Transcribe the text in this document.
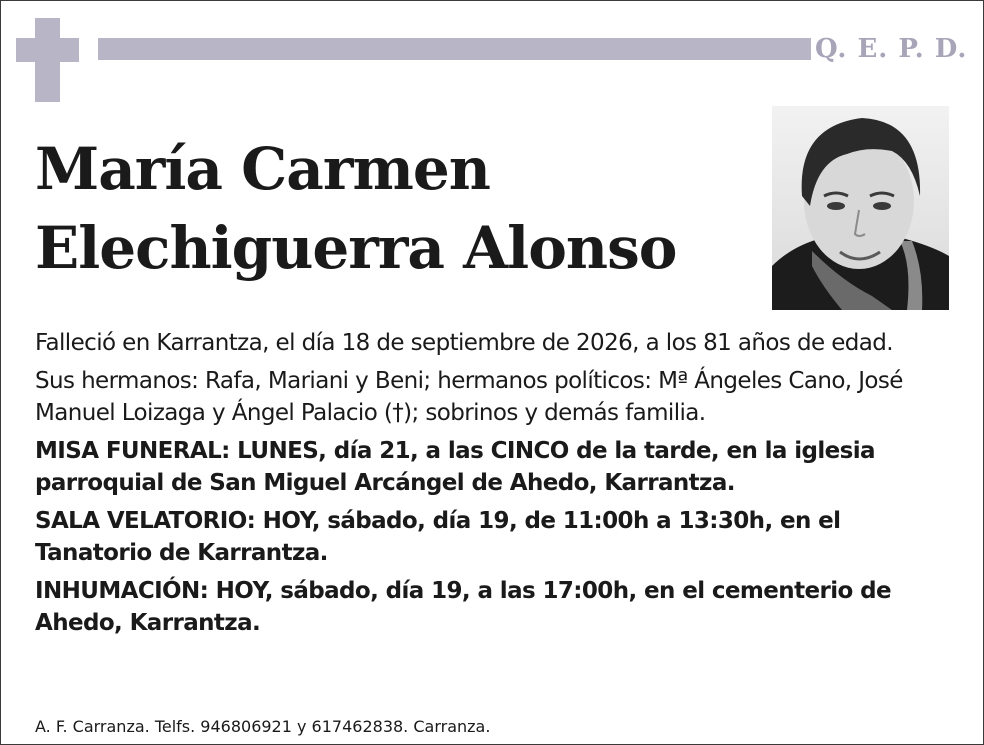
Q. E. P. D.
María Carmen
Elechiguerra Alonso

Falleció en Karrantza, el día 18 de septiembre de 2026, a los 81 años de edad.

Sus hermanos: Rafa, Mariani y Beni; hermanos políticos: Mª Ángeles Cano, José Manuel Loizaga y Ángel Palacio (†); sobrinos y demás familia.

MISA FUNERAL: LUNES, día 21, a las CINCO de la tarde, en la iglesia parroquial de San Miguel Arcángel de Ahedo, Karrantza.

SALA VELATORIO: HOY, sábado, día 19, de 11:00h a 13:30h, en el Tanatorio de Karrantza.

INHUMACIÓN: HOY, sábado, día 19, a las 17:00h, en el cementerio de Ahedo, Karrantza.

A. F. Carranza. Telfs. 946806921 y 617462838. Carranza.
